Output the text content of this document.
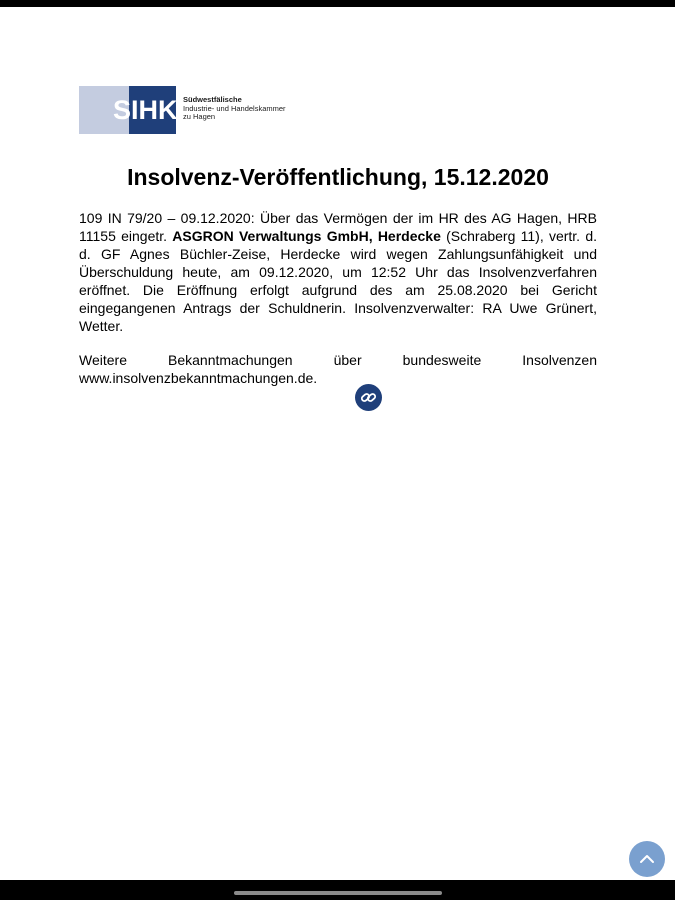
SIHK Südwestfälische
Industrie- und Handelskammer
zu Hagen
Insolvenz-Veröffentlichung, 15.12.2020

109 IN 79/20 – 09.12.2020: Über das Vermögen der im HR des AG Hagen, HRB 11155 eingetr. ASGRON Verwaltungs GmbH, Herdecke (Schraberg 11), vertr. d. d. GF Agnes Büchler-Zeise, Herdecke wird wegen Zahlungsunfähigkeit und Überschuldung heute, am 09.12.2020, um 12:52 Uhr das Insolvenzverfahren eröffnet. Die Eröffnung erfolgt aufgrund des am 25.08.2020 bei Gericht eingegangenen Antrags der Schuldnerin. Insolvenzverwalter: RA Uwe Grünert, Wetter.

Weitere Bekanntmachungen über bundesweite Insolvenzen www.insolvenzbekanntmachungen.de.
